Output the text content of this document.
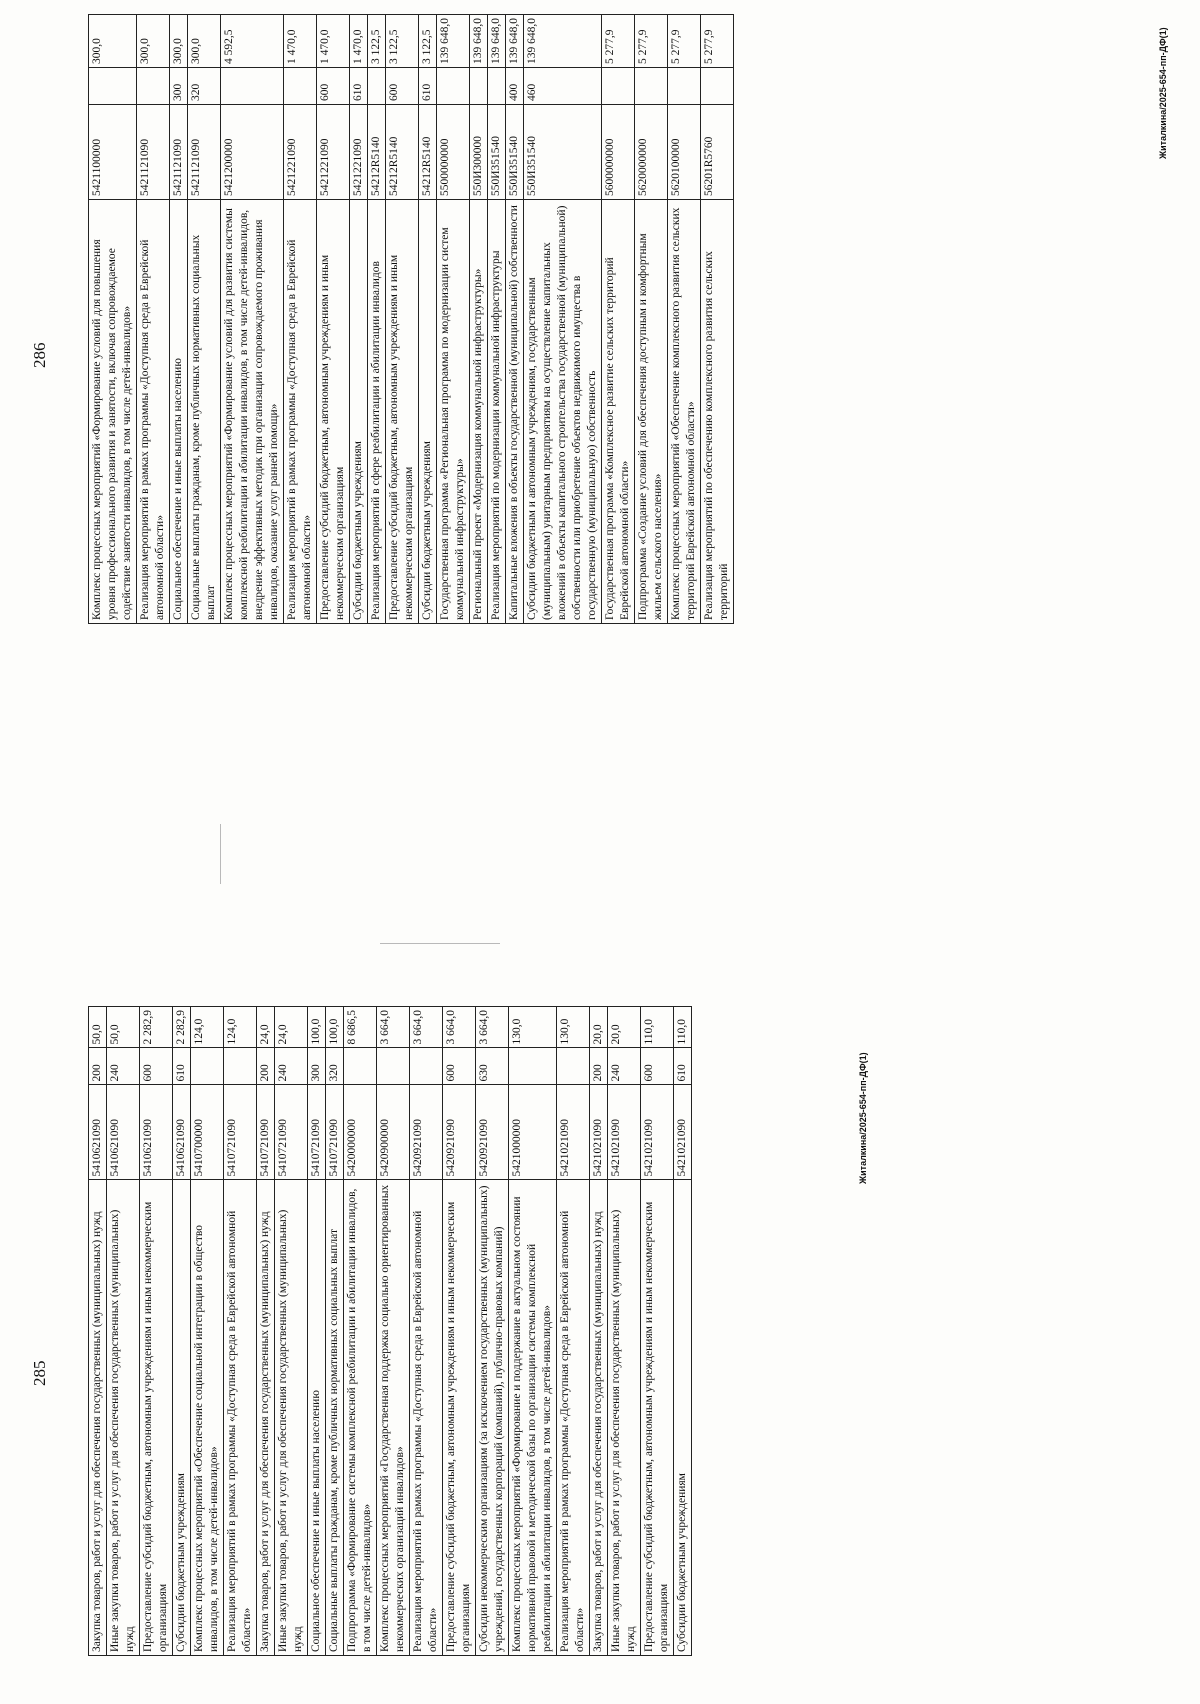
285	Закупка товаров, работ и услуг для обеспечения государственных (муниципальных) нужд	5410621090	200	50,0
Иные закупки товаров, работ и услуг для обеспечения государственных (муниципальных) нужд	5410621090	240	50,0
Предоставление субсидий бюджетным, автономным учреждениям и иным некоммерческим организациям	5410621090	600	2 282,9
Субсидии бюджетным учреждениям	5410621090	610	2 282,9
Комплекс процессных мероприятий «Обеспечение социальной интеграции в общество инвалидов, в том числе детей-инвалидов»	5410700000		124,0
Реализация мероприятий в рамках программы «Доступная среда в Еврейской автономной области»	5410721090		124,0
Закупка товаров, работ и услуг для обеспечения государственных (муниципальных) нужд	5410721090	200	24,0
Иные закупки товаров, работ и услуг для обеспечения государственных (муниципальных) нужд	5410721090	240	24,0
Социальное обеспечение и иные выплаты населению	5410721090	300	100,0
Социальные выплаты гражданам, кроме публичных нормативных социальных выплат	5410721090	320	100,0
Подпрограмма «Формирование системы комплексной реабилитации и абилитации инвалидов, в том числе детей-инвалидов»	5420000000		8 686,5
Комплекс процессных мероприятий «Государственная поддержка социально ориентированных некоммерческих организаций инвалидов»	5420900000		3 664,0
Реализация мероприятий в рамках программы «Доступная среда в Еврейской автономной области»	5420921090		3 664,0
Предоставление субсидий бюджетным, автономным учреждениям и иным некоммерческим организациям	5420921090	600	3 664,0
Субсидии некоммерческим организациям (за исключением государственных (муниципальных) учреждений, государственных корпораций (компаний), публично-правовых компаний)	5420921090	630	3 664,0
Комплекс процессных мероприятий «Формирование и поддержание в актуальном состоянии нормативной правовой и методической базы по организации системы комплексной реабилитации и абилитации инвалидов, в том числе детей-инвалидов»	5421000000		130,0
Реализация мероприятий в рамках программы «Доступная среда в Еврейской автономной области»	5421021090		130,0
Закупка товаров, работ и услуг для обеспечения государственных (муниципальных) нужд	5421021090	200	20,0
Иные закупки товаров, работ и услуг для обеспечения государственных (муниципальных) нужд	5421021090	240	20,0
Предоставление субсидий бюджетным, автономным учреждениям и иным некоммерческим организациям	5421021090	600	110,0
Субсидии бюджетным учреждениям	5421021090	610	110,0
Житалкина/2025-654-пп-ДФ(1)
286	Комплекс процессных мероприятий «Формирование условий для повышения уровня профессионального развития и занятости, включая сопровождаемое содействие занятости инвалидов, в том числе детей-инвалидов»	5421100000		300,0
Реализация мероприятий в рамках программы «Доступная среда в Еврейской автономной области»	5421121090		300,0
Социальное обеспечение и иные выплаты населению	5421121090	300	300,0
Социальные выплаты гражданам, кроме публичных нормативных социальных выплат	5421121090	320	300,0
Комплекс процессных мероприятий «Формирование условий для развития системы комплексной реабилитации и абилитации инвалидов, в том числе детей-инвалидов, внедрение эффективных методик при организации сопровождаемого проживания инвалидов, оказание услуг ранней помощи»	5421200000		4 592,5
Реализация мероприятий в рамках программы «Доступная среда в Еврейской автономной области»	5421221090		1 470,0
Предоставление субсидий бюджетным, автономным учреждениям и иным некоммерческим организациям	5421221090	600	1 470,0
Субсидии бюджетным учреждениям	5421221090	610	1 470,0
Реализация мероприятий в сфере реабилитации и абилитации инвалидов	54212R5140		3 122,5
Предоставление субсидий бюджетным, автономным учреждениям и иным некоммерческим организациям	54212R5140	600	3 122,5
Субсидии бюджетным учреждениям	54212R5140	610	3 122,5
Государственная программа «Региональная программа по модернизации систем коммунальной инфраструктуры»	5500000000		139 648,0
Региональный проект «Модернизация коммунальной инфраструктуры»	550И300000		139 648,0
Реализация мероприятий по модернизации коммунальной инфраструктуры	550И351540		139 648,0
Капитальные вложения в объекты государственной (муниципальной) собственности	550И351540	400	139 648,0
Субсидии бюджетным и автономным учреждениям, государственным (муниципальным) унитарным предприятиям на осуществление капитальных вложений в объекты капитального строительства государственной (муниципальной) собственности или приобретение объектов недвижимого имущества в государственную (муниципальную) собственность	550И351540	460	139 648,0
Государственная программа «Комплексное развитие сельских территорий Еврейской автономной области»	5600000000		5 277,9
Подпрограмма «Создание условий для обеспечения доступным и комфортным жильем сельского населения»	5620000000		5 277,9
Комплекс процессных мероприятий «Обеспечение комплексного развития сельских территорий Еврейской автономной области»	5620100000		5 277,9
Реализация мероприятий по обеспечению комплексного развития сельских территорий	56201R5760		5 277,9	Житалкина/2025-654-пп-ДФ(1)
